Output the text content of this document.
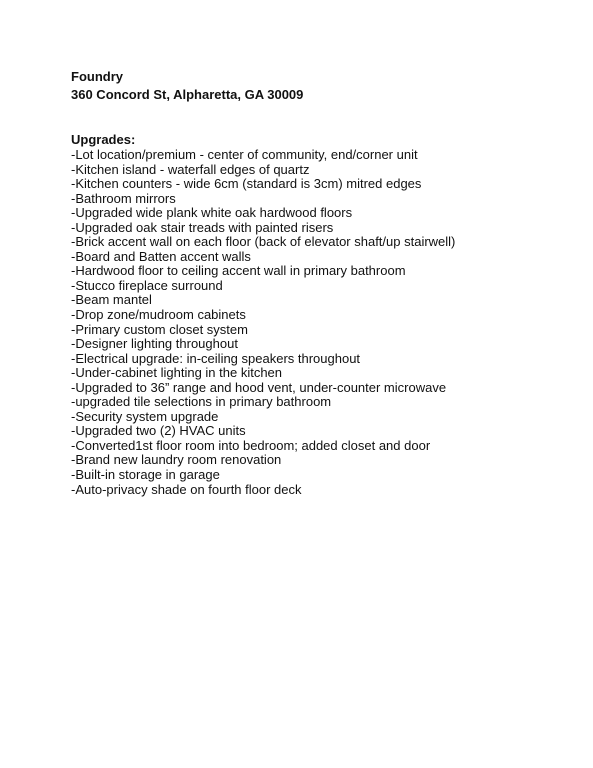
Foundry
360 Concord St, Alpharetta, GA 30009
Upgrades:
-Lot location/premium - center of community, end/corner unit
-Kitchen island - waterfall edges of quartz
-Kitchen counters - wide 6cm (standard is 3cm) mitred edges
-Bathroom mirrors
-Upgraded wide plank white oak hardwood floors
-Upgraded oak stair treads with painted risers
-Brick accent wall on each floor (back of elevator shaft/up stairwell)
-Board and Batten accent walls
-Hardwood floor to ceiling accent wall in primary bathroom
-Stucco fireplace surround
-Beam mantel
-Drop zone/mudroom cabinets
-Primary custom closet system
-Designer lighting throughout
-Electrical upgrade: in-ceiling speakers throughout
-Under-cabinet lighting in the kitchen
-Upgraded to 36” range and hood vent, under-counter microwave
-upgraded tile selections in primary bathroom
-Security system upgrade
-Upgraded two (2) HVAC units
-Converted1st floor room into bedroom; added closet and door
-Brand new laundry room renovation
-Built-in storage in garage
-Auto-privacy shade on fourth floor deck
